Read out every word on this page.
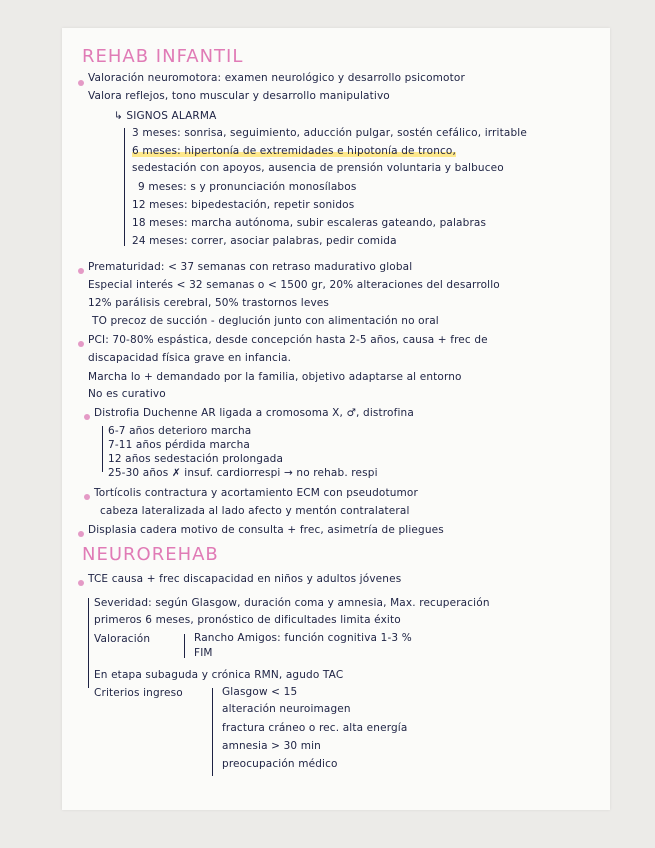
REHAB INFANTIL
Valoración neuromotora: examen neurológico y desarrollo psicomotor
Valora reflejos, tono muscular y desarrollo manipulativo
↳ SIGNOS ALARMA
3 meses: sonrisa, seguimiento, aducción pulgar, sostén cefálico, irritable
6 meses: hipertonía de extremidades e hipotonía de tronco,
sedestación con apoyos, ausencia de prensión voluntaria y balbuceo
9 meses: s y pronunciación monosílabos
12 meses: bipedestación, repetir sonidos
18 meses: marcha autónoma, subir escaleras gateando, palabras
24 meses: correr, asociar palabras, pedir comida
Prematuridad: < 37 semanas con retraso madurativo global
Especial interés < 32 semanas o < 1500 gr, 20% alteraciones del desarrollo
12% parálisis cerebral, 50% trastornos leves
TO precoz de succión - deglución junto con alimentación no oral
PCI: 70-80% espástica, desde concepción hasta 2-5 años, causa + frec de
discapacidad física grave en infancia.
Marcha lo + demandado por la familia, objetivo adaptarse al entorno
No es curativo
Distrofia Duchenne AR ligada a cromosoma X, ♂, distrofina
6-7 años deterioro marcha
7-11 años pérdida marcha
12 años sedestación prolongada
25-30 años ✗ insuf. cardiorrespi → no rehab. respi
Tortícolis contractura y acortamiento ECM con pseudotumor
cabeza lateralizada al lado afecto y mentón contralateral
Displasia cadera motivo de consulta + frec, asimetría de pliegues
NEUROREHAB
TCE causa + frec discapacidad en niños y adultos jóvenes
Severidad: según Glasgow, duración coma y amnesia, Max. recuperación
primeros 6 meses, pronóstico de dificultades limita éxito
Valoración	Rancho Amigos: función cognitiva 1-3 %
FIM
En etapa subaguda y crónica RMN, agudo TAC
Criterios ingreso	Glasgow < 15
alteración neuroimagen
fractura cráneo o rec. alta energía
amnesia > 30 min
preocupación médico
